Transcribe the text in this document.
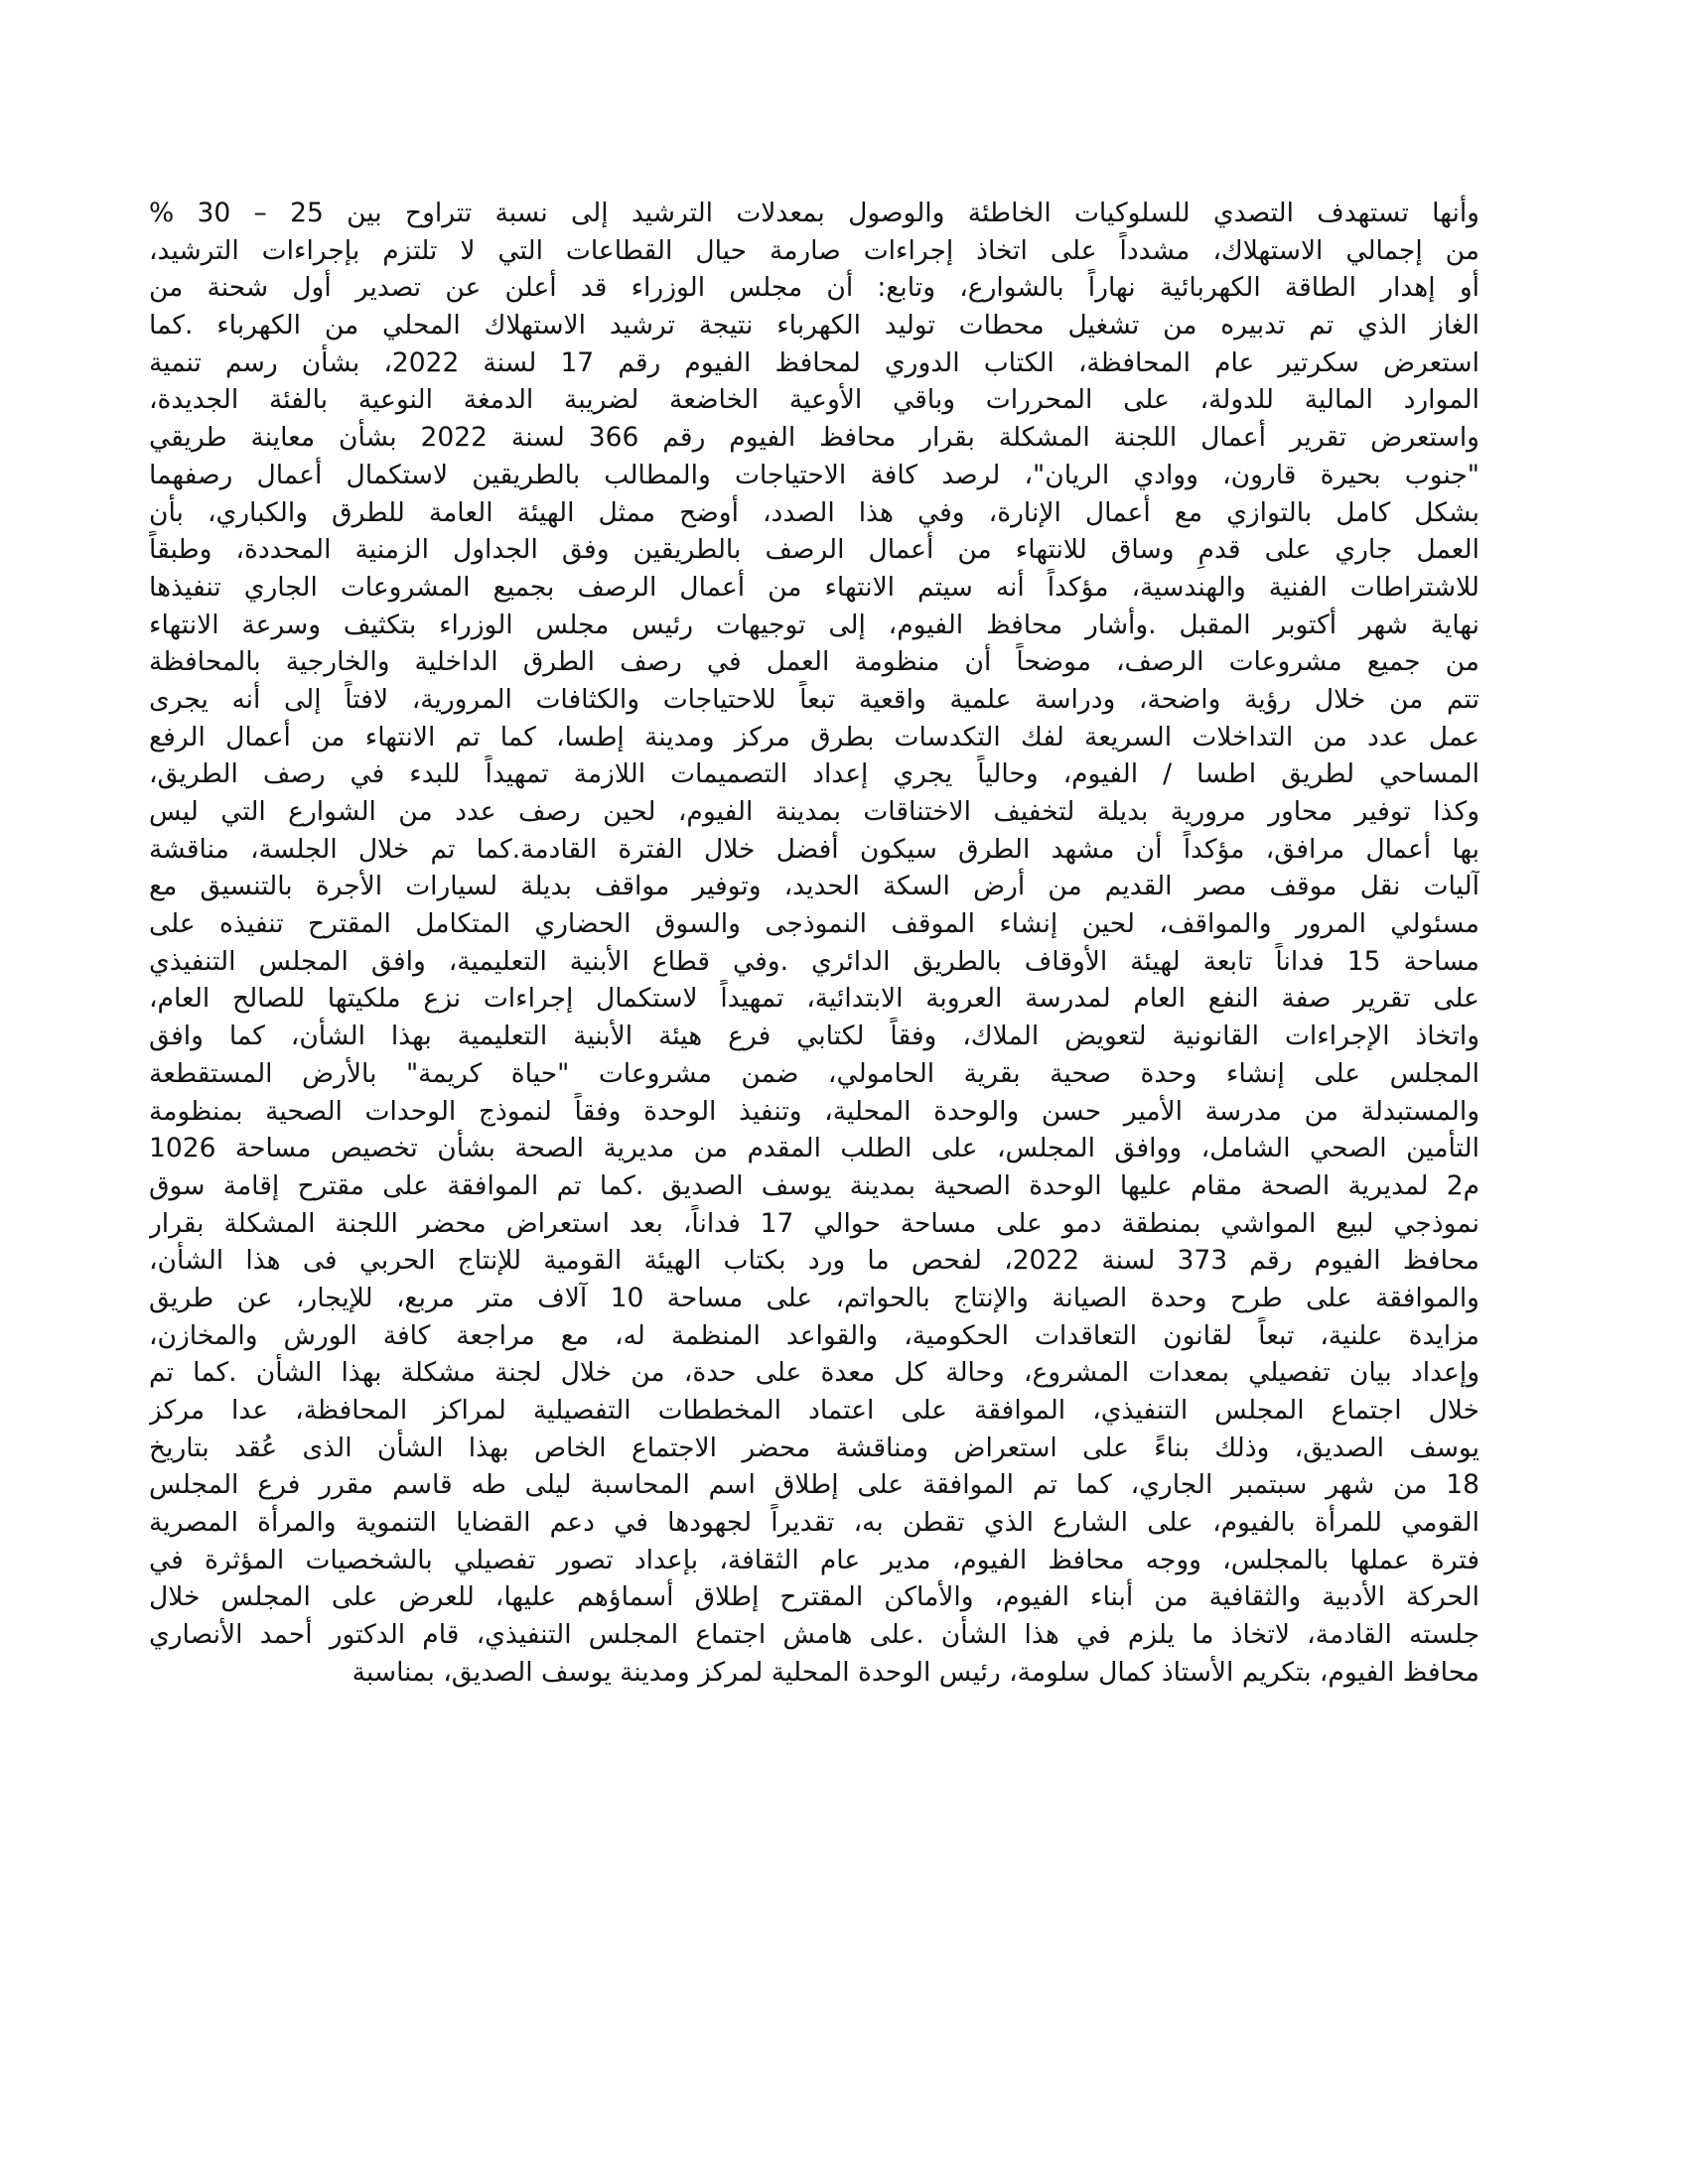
وأنها تستهدف التصدي للسلوكيات الخاطئة والوصول بمعدلات الترشيد إلى نسبة تتراوح بين 25 – 30 %
من إجمالي الاستهلاك، مشدداً على اتخاذ إجراءات صارمة حيال القطاعات التي لا تلتزم بإجراءات الترشيد،
أو إهدار الطاقة الكهربائية نهاراً بالشوارع، وتابع: أن مجلس الوزراء قد أعلن عن تصدير أول شحنة من
الغاز الذي تم تدبيره من تشغيل محطات توليد الكهرباء نتيجة ترشيد الاستهلاك المحلي من الكهرباء .كما
استعرض سكرتير عام المحافظة، الكتاب الدوري لمحافظ الفيوم رقم 17 لسنة 2022، بشأن رسم تنمية
الموارد المالية للدولة، على المحررات وباقي الأوعية الخاضعة لضريبة الدمغة النوعية بالفئة الجديدة،
واستعرض تقرير أعمال اللجنة المشكلة بقرار محافظ الفيوم رقم 366 لسنة 2022 بشأن معاينة طريقي
"جنوب بحيرة قارون، ووادي الريان"، لرصد كافة الاحتياجات والمطالب بالطريقين لاستكمال أعمال رصفهما
بشكل كامل بالتوازي مع أعمال الإنارة، وفي هذا الصدد، أوضح ممثل الهيئة العامة للطرق والكباري، بأن
العمل جاري على قدمٍ وساق للانتهاء من أعمال الرصف بالطريقين وفق الجداول الزمنية المحددة، وطبقاً
للاشتراطات الفنية والهندسية، مؤكداً أنه سيتم الانتهاء من أعمال الرصف بجميع المشروعات الجاري تنفيذها
نهاية شهر أكتوبر المقبل .وأشار محافظ الفيوم، إلى توجيهات رئيس مجلس الوزراء بتكثيف وسرعة الانتهاء
من جميع مشروعات الرصف، موضحاً أن منظومة العمل في رصف الطرق الداخلية والخارجية بالمحافظة
تتم من خلال رؤية واضحة، ودراسة علمية واقعية تبعاً للاحتياجات والكثافات المرورية، لافتاً إلى أنه يجرى
عمل عدد من التداخلات السريعة لفك التكدسات بطرق مركز ومدينة إطسا، كما تم الانتهاء من أعمال الرفع
المساحي لطريق اطسا / الفيوم، وحالياً يجري إعداد التصميمات اللازمة تمهيداً للبدء في رصف الطريق،
وكذا توفير محاور مرورية بديلة لتخفيف الاختناقات بمدينة الفيوم، لحين رصف عدد من الشوارع التي ليس
بها أعمال مرافق، مؤكداً أن مشهد الطرق سيكون أفضل خلال الفترة القادمة.كما تم خلال الجلسة، مناقشة
آليات نقل موقف مصر القديم من أرض السكة الحديد، وتوفير مواقف بديلة لسيارات الأجرة بالتنسيق مع
مسئولي المرور والمواقف، لحين إنشاء الموقف النموذجى والسوق الحضاري المتكامل المقترح تنفيذه على
مساحة 15 فداناً تابعة لهيئة الأوقاف بالطريق الدائري .وفي قطاع الأبنية التعليمية، وافق المجلس التنفيذي
على تقرير صفة النفع العام لمدرسة العروبة الابتدائية، تمهيداً لاستكمال إجراءات نزع ملكيتها للصالح العام،
واتخاذ الإجراءات القانونية لتعويض الملاك، وفقاً لكتابي فرع هيئة الأبنية التعليمية بهذا الشأن، كما وافق
المجلس على إنشاء وحدة صحية بقرية الحامولي، ضمن مشروعات "حياة كريمة" بالأرض المستقطعة
والمستبدلة من مدرسة الأمير حسن والوحدة المحلية، وتنفيذ الوحدة وفقاً لنموذج الوحدات الصحية بمنظومة
التأمين الصحي الشامل، ووافق المجلس، على الطلب المقدم من مديرية الصحة بشأن تخصيص مساحة 1026
م2 لمديرية الصحة مقام عليها الوحدة الصحية بمدينة يوسف الصديق .كما تم الموافقة على مقترح إقامة سوق
نموذجي لبيع المواشي بمنطقة دمو على مساحة حوالي 17 فداناً، بعد استعراض محضر اللجنة المشكلة بقرار
محافظ الفيوم رقم 373 لسنة 2022، لفحص ما ورد بكتاب الهيئة القومية للإنتاج الحربي فى هذا الشأن،
والموافقة على طرح وحدة الصيانة والإنتاج بالحواتم، على مساحة 10 آلاف متر مربع، للإيجار، عن طريق
مزايدة علنية، تبعاً لقانون التعاقدات الحكومية، والقواعد المنظمة له، مع مراجعة كافة الورش والمخازن،
وإعداد بيان تفصيلي بمعدات المشروع، وحالة كل معدة على حدة، من خلال لجنة مشكلة بهذا الشأن .كما تم
خلال اجتماع المجلس التنفيذي، الموافقة على اعتماد المخططات التفصيلية لمراكز المحافظة، عدا مركز
يوسف الصديق، وذلك بناءً على استعراض ومناقشة محضر الاجتماع الخاص بهذا الشأن الذى عُقد بتاريخ
18 من شهر سبتمبر الجاري، كما تم الموافقة على إطلاق اسم المحاسبة ليلى طه قاسم مقرر فرع المجلس
القومي للمرأة بالفيوم، على الشارع الذي تقطن به، تقديراً لجهودها في دعم القضايا التنموية والمرأة المصرية
فترة عملها بالمجلس، ووجه محافظ الفيوم، مدير عام الثقافة، بإعداد تصور تفصيلي بالشخصيات المؤثرة في
الحركة الأدبية والثقافية من أبناء الفيوم، والأماكن المقترح إطلاق أسماؤهم عليها، للعرض على المجلس خلال
جلسته القادمة، لاتخاذ ما يلزم في هذا الشأن .على هامش اجتماع المجلس التنفيذي، قام الدكتور أحمد الأنصاري
محافظ الفيوم، بتكريم الأستاذ كمال سلومة، رئيس الوحدة المحلية لمركز ومدينة يوسف الصديق، بمناسبة
